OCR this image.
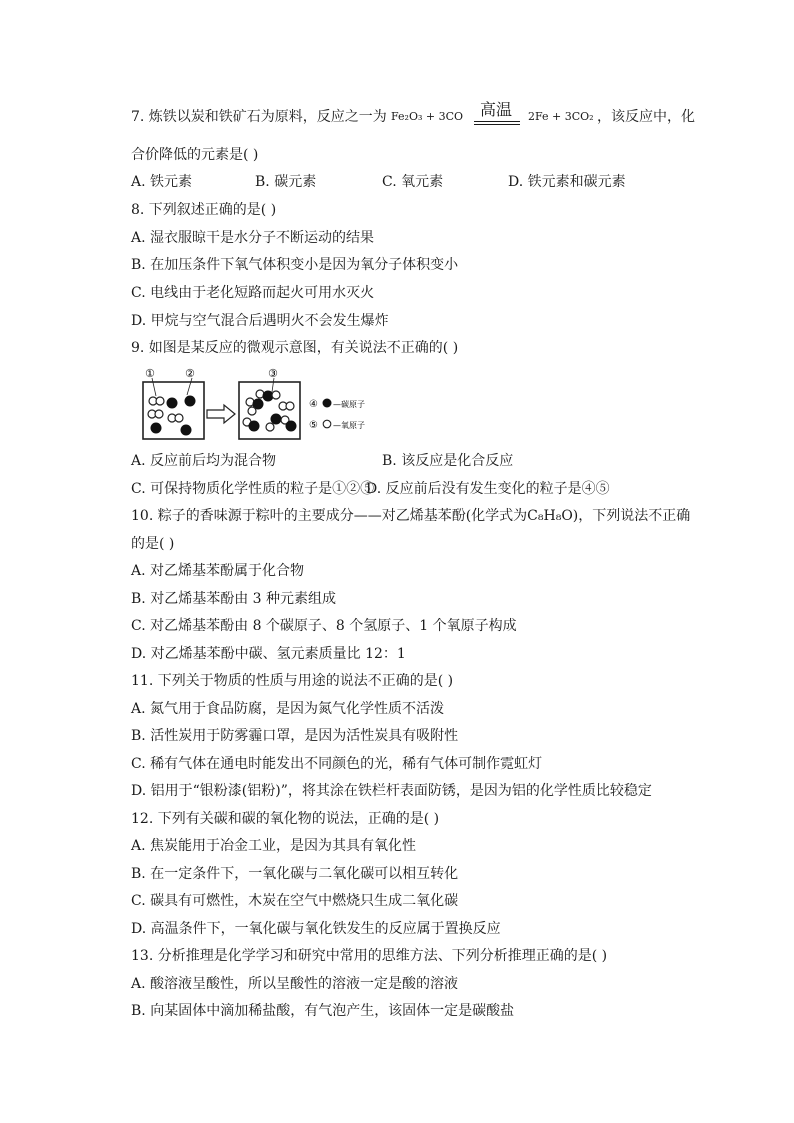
7. 炼铁以炭和铁矿石为原料，反应之一为 Fe₂O₃ + 3CO 高温 2Fe + 3CO₂ ，该反应中，化
合价降低的元素是( )
A. 铁元素	B. 碳元素	C. 氧元素	D. 铁元素和碳元素
8. 下列叙述正确的是( )
A. 湿衣服晾干是水分子不断运动的结果
B. 在加压条件下氧气体积变小是因为氧分子体积变小
C. 电线由于老化短路而起火可用水灭火
D. 甲烷与空气混合后遇明火不会发生爆炸
9. 如图是某反应的微观示意图，有关说法不正确的( )
①	②	③
④ —碳原子
⑤ —氧原子
A. 反应前后均为混合物	B. 该反应是化合反应
C. 可保持物质化学性质的粒子是①②⑤
D. 反应前后没有发生变化的粒子是④⑤
10. 粽子的香味源于粽叶的主要成分——对乙烯基苯酚(化学式为C₈H₈O)，下列说法不正确
的是( )
A. 对乙烯基苯酚属于化合物
B. 对乙烯基苯酚由 3 种元素组成
C. 对乙烯基苯酚由 8 个碳原子、8 个氢原子、1 个氧原子构成
D. 对乙烯基苯酚中碳、氢元素质量比 12：1
11. 下列关于物质的性质与用途的说法不正确的是( )
A. 氮气用于食品防腐，是因为氮气化学性质不活泼
B. 活性炭用于防雾霾口罩，是因为活性炭具有吸附性
C. 稀有气体在通电时能发出不同颜色的光，稀有气体可制作霓虹灯
D. 铝用于“银粉漆(铝粉)”，将其涂在铁栏杆表面防锈，是因为铝的化学性质比较稳定
12. 下列有关碳和碳的氧化物的说法，正确的是( )
A. 焦炭能用于冶金工业，是因为其具有氧化性
B. 在一定条件下，一氧化碳与二氧化碳可以相互转化
C. 碳具有可燃性，木炭在空气中燃烧只生成二氧化碳
D. 高温条件下，一氧化碳与氧化铁发生的反应属于置换反应
13. 分析推理是化学学习和研究中常用的思维方法、下列分析推理正确的是( )
A. 酸溶液呈酸性，所以呈酸性的溶液一定是酸的溶液
B. 向某固体中滴加稀盐酸，有气泡产生，该固体一定是碳酸盐
